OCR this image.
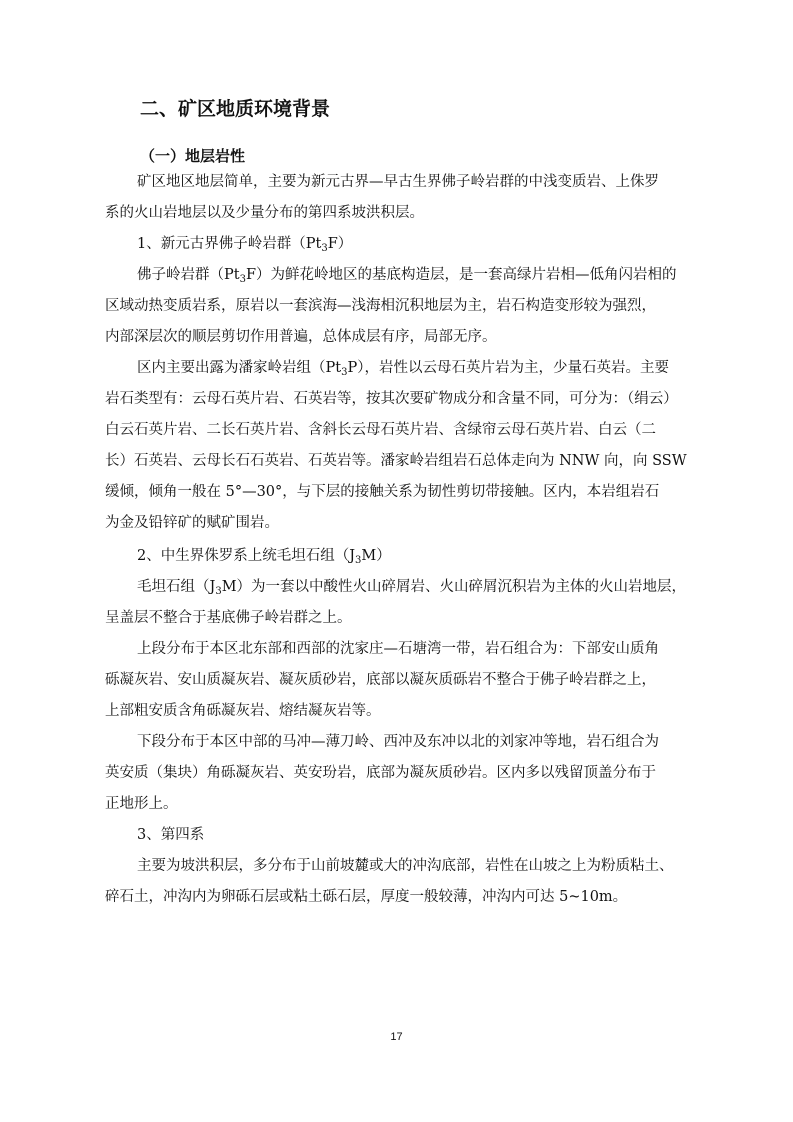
二、矿区地质环境背景
（一）地层岩性
矿区地区地层简单，主要为新元古界—早古生界佛子岭岩群的中浅变质岩、上侏罗
系的火山岩地层以及少量分布的第四系坡洪积层。
1、新元古界佛子岭岩群$(Pt_3F)$
佛子岭岩群$(Pt_3F)$为鲜花岭地区的基底构造层，是一套高绿片岩相—低角闪岩相的
区域动热变质岩系，原岩以一套滨海—浅海相沉积地层为主，岩石构造变形较为强烈，
内部深层次的顺层剪切作用普遍，总体成层有序，局部无序。
区内主要出露为潘家岭岩组$(Pt_3P)$，岩性以云母石英片岩为主，少量石英岩。主要
岩石类型有：云母石英片岩、石英岩等，按其次要矿物成分和含量不同，可分为：（绢云）
白云石英片岩、二长石英片岩、含斜长云母石英片岩、含绿帘云母石英片岩、白云（二
长）石英岩、云母长石石英岩、石英岩等。潘家岭岩组岩石总体走向为 NNW 向，向 SSW
缓倾，倾角一般在 5°—30°，与下层的接触关系为韧性剪切带接触。区内，本岩组岩石
为金及铅锌矿的赋矿围岩。
2、中生界侏罗系上统毛坦石组$(J_3M)$
毛坦石组$(J_3M)$为一套以中酸性火山碎屑岩、火山碎屑沉积岩为主体的火山岩地层，
呈盖层不整合于基底佛子岭岩群之上。
上段分布于本区北东部和西部的沈家庄—石塘湾一带，岩石组合为：下部安山质角
砾凝灰岩、安山质凝灰岩、凝灰质砂岩，底部以凝灰质砾岩不整合于佛子岭岩群之上，
上部粗安质含角砾凝灰岩、熔结凝灰岩等。
下段分布于本区中部的马冲—薄刀岭、西冲及东冲以北的刘家冲等地，岩石组合为
英安质（集块）角砾凝灰岩、英安玢岩，底部为凝灰质砂岩。区内多以残留顶盖分布于
正地形上。
3、第四系
主要为坡洪积层，多分布于山前坡麓或大的冲沟底部，岩性在山坡之上为粉质粘土、
碎石土，冲沟内为卵砾石层或粘土砾石层，厚度一般较薄，冲沟内可达 5~10m。
17
